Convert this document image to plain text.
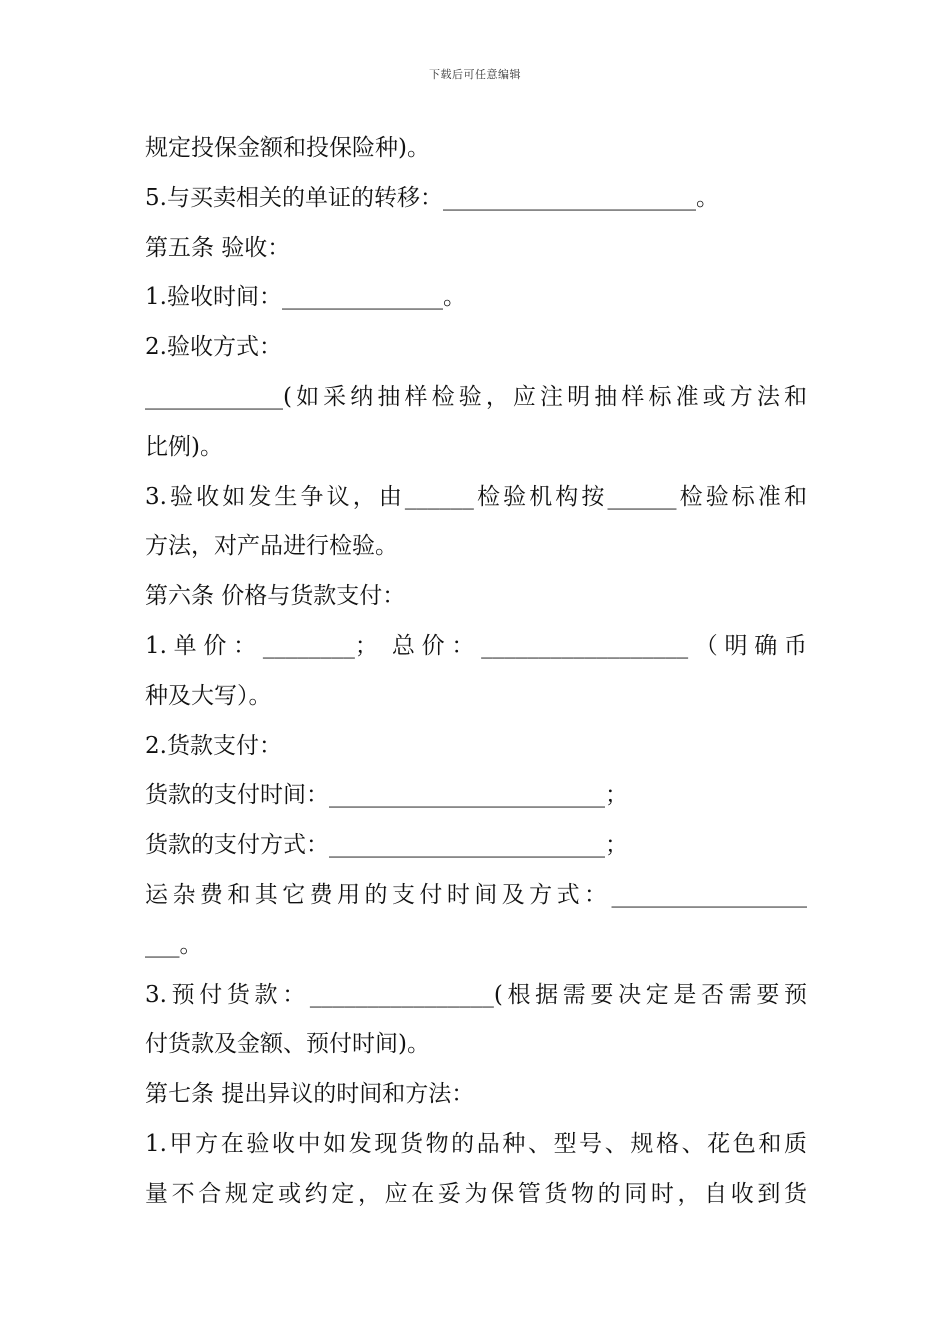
下载后可任意编辑
规定投保金额和投保险种)。
5.与买卖相关的单证的转移：______________________。
第五条 验收：
1.验收时间：______________。
2.验收方式：
____________(如采纳抽样检验，应注明抽样标准或方法和
比例)。
3.验收如发生争议，由______检验机构按______检验标准和
方法，对产品进行检验。
第六条 价格与货款支付：
1.单价：________； 总价：__________________（明确币
种及大写）。
2.货款支付：
货款的支付时间：________________________；
货款的支付方式：________________________；
运杂费和其它费用的支付时间及方式：_________________
___。
3.预付货款：________________(根据需要决定是否需要预
付货款及金额、预付时间)。
第七条 提出异议的时间和方法：
1.甲方在验收中如发现货物的品种、型号、规格、花色和质
量不合规定或约定，应在妥为保管货物的同时，自收到货
